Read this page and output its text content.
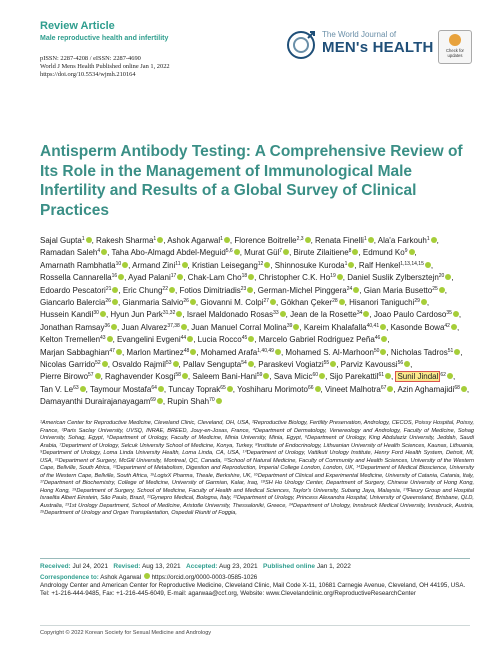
Review Article
Male reproductive health and infertility
pISSN: 2287-4208 / eISSN: 2287-4690
World J Mens Health Published online Jan 1, 2022
https://doi.org/10.5534/wjmh.210164
The World Journal of
MEN's HEALTH	Check for updates
Antisperm Antibody Testing: A Comprehensive Review of Its Role in the Management of Immunological Male Infertility and Results of a Global Survey of Clinical Practices
Sajal Gupta$^1$ , Rakesh Sharma$^1$ , Ashok Agarwal$^1$ , Florence Boitrelle$^{2,3}$ , Renata Finelli$^1$ , Ala'a Farkouh$^1$ , Ramadan Saleh$^4$ , Taha Abo-Almagd Abdel-Meguid$^{5,6}$ , Murat Gül$^7$ , Birute Zilaitiene$^8$ , Edmund Ko$^9$ , Amarnath Rambhatla$^{10}$ , Armand Zini$^{11}$ , Kristian Leisegang$^{12}$ , Shinnosuke Kuroda$^1$ , Ralf Henkel$^{1,13,14,15}$ , Rossella Cannarella$^{16}$ , Ayad Palani$^{17}$ , Chak-Lam Cho$^{18}$ , Christopher C.K. Ho$^{19}$ , Daniel Suslik Zylbersztejn$^{20}$ , Edoardo Pescatori$^{21}$ , Eric Chung$^{22}$ , Fotios Dimitriadis$^{23}$ , German-Michel Pinggera$^{24}$ , Gian Maria Busetto$^{25}$ , Giancarlo Balercia$^{26}$ , Gianmaria Salvio$^{26}$ , Giovanni M. Colpi$^{27}$ , Gökhan Çeker$^{28}$ , Hisanori Taniguchi$^{29}$ , Hussein Kandil$^{30}$ , Hyun Jun Park$^{31,32}$ , Israel Maldonado Rosas$^{33}$ , Jean de la Rosette$^{34}$ , Joao Paulo Cardoso$^{35}$ , Jonathan Ramsay$^{36}$ , Juan Alvarez$^{37,38}$ , Juan Manuel Corral Molina$^{39}$ , Kareim Khalafalla$^{40,41}$ , Kasonde Bowa$^{42}$ , Kelton Tremellen$^{43}$ , Evangelini Evgeni$^{44}$ , Lucia Rocco$^{45}$ , Marcelo Gabriel Rodriguez Peña$^{46}$ , Marjan Sabbaghian$^{47}$ , Marlon Martinez$^{48}$ , Mohamed Arafa$^{1,40,49}$ , Mohamed S. Al-Marhoon$^{50}$ , Nicholas Tadros$^{51}$ , Nicolas Garrido$^{52}$ , Osvaldo Rajmil$^{53}$ , Pallav Sengupta$^{54}$ , Paraskevi Vogiatzi$^{55}$ , Parviz Kavoussi$^{56}$ , Pierre Birowo$^{57}$ , Raghavender Kosgi$^{58}$ , Saleem Bani-Hani$^{59}$ , Sava Micic$^{60}$ , Sijo Parekattil$^{61}$ , Sunil Jindal $^{62}$ , Tan V. Le$^{63}$ , Taymour Mostafa$^{64}$ , Tuncay Toprak$^{65}$ , Yoshiharu Morimoto$^{66}$ , Vineet Malhotra$^{67}$ , Azin Aghamajidi$^{68}$ , Damayanthi Durairajanayagam$^{69}$ , Rupin Shah$^{70}$
¹American Center for Reproductive Medicine, Cleveland Clinic, Cleveland, OH, USA, ²Reproductive Biology, Fertility Preservation, Andrology, CECOS, Poissy Hospital, Poissy, France, ³Paris Saclay University, UVSQ, INRAE, BREED, Jouy-en-Josas, France, ⁴Department of Dermatology, Venereology and Andrology, Faculty of Medicine, Sohag University, Sohag, Egypt, ⁵Department of Urology, Faculty of Medicine, Minia University, Minia, Egypt, ⁶Department of Urology, King Abdulaziz University, Jeddah, Saudi Arabia, ⁷Department of Urology, Selcuk University School of Medicine, Konya, Turkey, ⁸Institute of Endocrinology, Lithuanian University of Health Sciences, Kaunas, Lithuania, ⁹Department of Urology, Loma Linda University Health, Loma Linda, CA, USA, ¹⁰Department of Urology, Vattikuti Urology Institute, Henry Ford Health System, Detroit, MI, USA, ¹¹Department of Surgery, McGill University, Montreal, QC, Canada, ¹²School of Natural Medicine, Faculty of Community and Health Sciences, University of the Western Cape, Bellville, South Africa, ¹³Department of Metabolism, Digestion and Reproduction, Imperial College London, London, UK, ¹⁴Department of Medical Bioscience, University of the Western Cape, Bellville, South Africa, ¹⁵LogixX Pharma, Theale, Berkshire, UK, ¹⁶Department of Clinical and Experimental Medicine, University of Catania, Catania, Italy, ¹⁷Department of Biochemistry, College of Medicine, University of Garmian, Kalar, Iraq, ¹⁸SH Ho Urology Center, Department of Surgery, Chinese University of Hong Kong, Hong Kong, ¹⁹Department of Surgery, School of Medicine, Faculty of Health and Medical Sciences, Taylor's University, Subang Jaya, Malaysia, ²⁰Fleury Group and Hospital Israelita Albert Einstein, São Paulo, Brazil, ²¹Gynepro Medical, Bologna, Italy, ²²Department of Urology, Princess Alexandra Hospital, University of Queensland, Brisbane, QLD, Australia, ²³1st Urology Department, School of Medicine, Aristotle University, Thessaloniki, Greece, ²⁴Department of Urology, Innsbruck Medical University, Innsbruck, Austria, ²⁵Department of Urology and Organ Transplantation, Ospedali Riuniti of Foggia,
Received: Jul 24, 2021 Revised: Aug 13, 2021 Accepted: Aug 23, 2021 Published online Jan 1, 2022
Correspondence to: Ashok Agarwal https://orcid.org/0000-0003-0585-1026
Andrology Center and American Center for Reproductive Medicine, Cleveland Clinic, Mail Code X-11, 10681 Carnegie Avenue, Cleveland, OH 44195, USA.
Tel: +1-216-444-9485, Fax: +1-216-445-6049, E-mail: agarwaa@ccf.org, Website: www.Clevelandclinic.org/ReproductiveResearchCenter
Copyright © 2022 Korean Society for Sexual Medicine and Andrology
